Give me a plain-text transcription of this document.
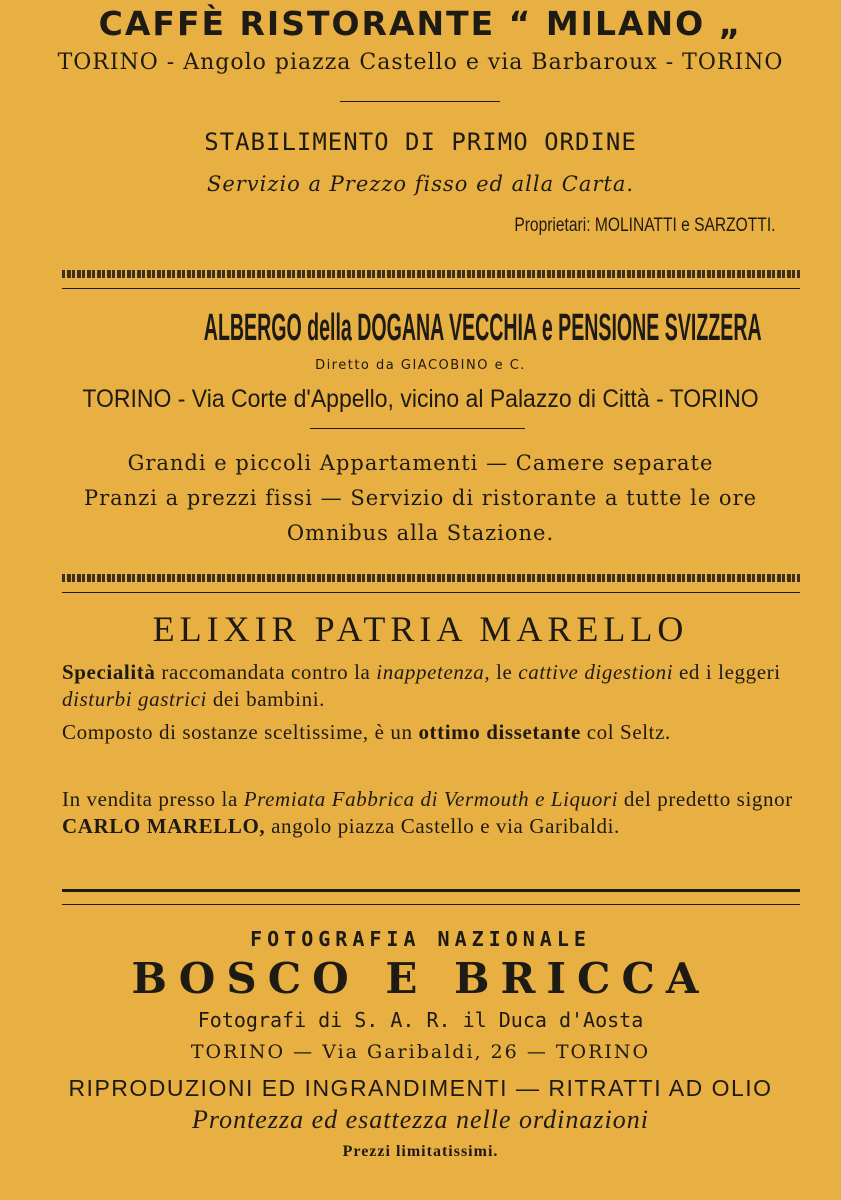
CAFFÈ RISTORANTE “ MILANO „
TORINO - Angolo piazza Castello e via Barbaroux - TORINO
STABILIMENTO DI PRIMO ORDINE
Servizio a Prezzo fisso ed alla Carta.
Proprietari: MOLINATTI e SARZOTTI.
ALBERGO della DOGANA VECCHIA e PENSIONE SVIZZERA
Diretto da GIACOBINO e C.
TORINO - Via Corte d'Appello, vicino al Palazzo di Città - TORINO
Grandi e piccoli Appartamenti — Camere separate
Pranzi a prezzi fissi — Servizio di ristorante a tutte le ore
Omnibus alla Stazione.
ELIXIR PATRIA MARELLO
Specialità raccomandata contro la inappetenza, le cattive digestioni ed i leggeri disturbi gastrici dei bambini.
Composto di sostanze sceltissime, è un ottimo dissetante col Seltz.
In vendita presso la Premiata Fabbrica di Vermouth e Liquori del predetto signor CARLO MARELLO, angolo piazza Castello e via Garibaldi.
FOTOGRAFIA NAZIONALE
BOSCO E BRICCA
Fotografi di S. A. R. il Duca d'Aosta
TORINO — Via Garibaldi, 26 — TORINO
RIPRODUZIONI ED INGRANDIMENTI — RITRATTI AD OLIO
Prontezza ed esattezza nelle ordinazioni
Prezzi limitatissimi.
